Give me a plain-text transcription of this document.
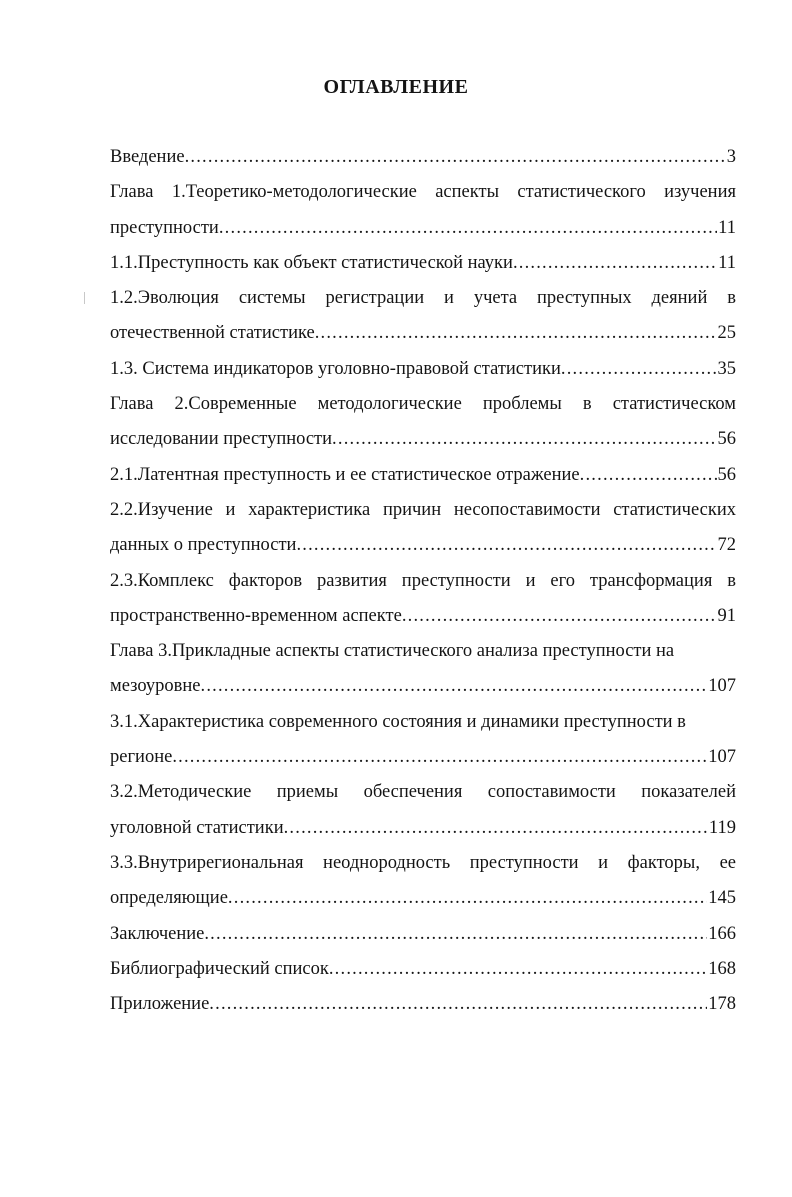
ОГЛАВЛЕНИЕ
Введение .....	3
Глава 1.Теоретико-методологические аспекты статистического изучения
преступности .....	11
1.1.Преступность как объект статистической науки .....	11
1.2.Эволюция системы регистрации и учета преступных деяний в
отечественной статистике .....	25
1.3. Система индикаторов уголовно-правовой статистики .....	35
Глава 2.Современные методологические проблемы в статистическом
исследовании преступности .....	56
2.1.Латентная преступность и ее статистическое отражение .....	56
2.2.Изучение и характеристика причин несопоставимости статистических
данных о преступности .....	72
2.3.Комплекс факторов развития преступности и его трансформация в
пространственно-временном аспекте .....	91
Глава 3.Прикладные аспекты статистического анализа преступности на
мезоуровне .....	107
3.1.Характеристика современного состояния и динамики преступности в
регионе .....	107
3.2.Методические приемы обеспечения сопоставимости показателей
уголовной статистики .....	119
3.3.Внутрирегиональная неоднородность преступности и факторы, ее
определяющие .....	145
Заключение .....	166
Библиографический список .....	168
Приложение .....	178
